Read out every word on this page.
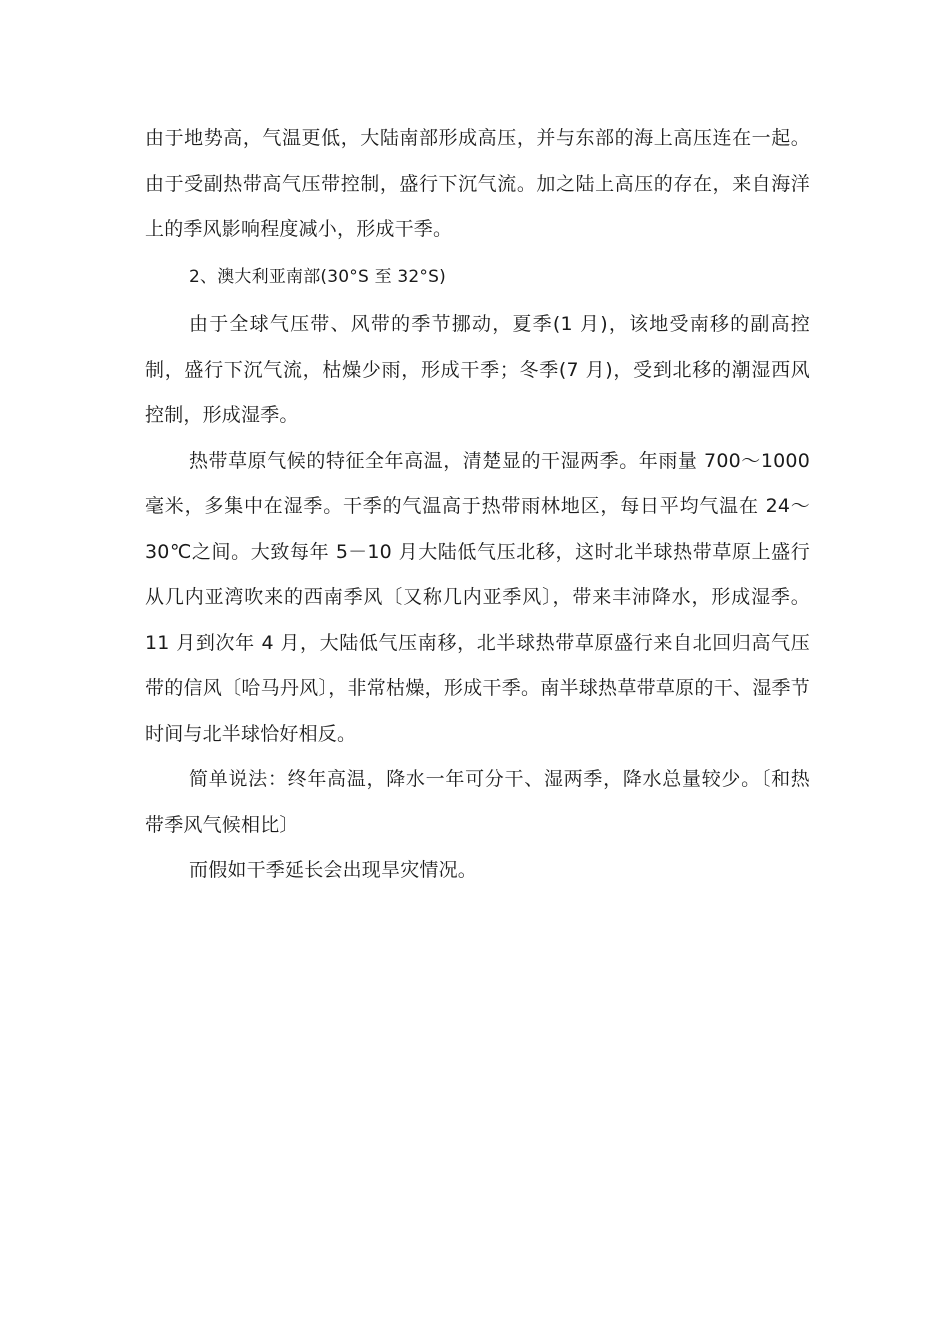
由于地势高，气温更低，大陆南部形成高压，并与东部的海上高压连在一起。由于受副热带高气压带控制，盛行下沉气流。加之陆上高压的存在，来自海洋上的季风影响程度减小，形成干季。

2、澳大利亚南部(30°S 至 32°S)

由于全球气压带、风带的季节挪动，夏季(1 月)，该地受南移的副高控制，盛行下沉气流，枯燥少雨，形成干季；冬季(7 月)，受到北移的潮湿西风控制，形成湿季。

热带草原气候的特征全年高温，清楚显的干湿两季。年雨量 700～1000 毫米，多集中在湿季。干季的气温高于热带雨林地区，每日平均气温在 24～30℃之间。大致每年 5－10 月大陆低气压北移，这时北半球热带草原上盛行从几内亚湾吹来的西南季风〔又称几内亚季风〕，带来丰沛降水，形成湿季。11 月到次年 4 月，大陆低气压南移，北半球热带草原盛行来自北回归高气压带的信风〔哈马丹风〕，非常枯燥，形成干季。南半球热草带草原的干、湿季节时间与北半球恰好相反。

简单说法：终年高温，降水一年可分干、湿两季，降水总量较少。〔和热带季风气候相比〕

而假如干季延长会出现旱灾情况。
